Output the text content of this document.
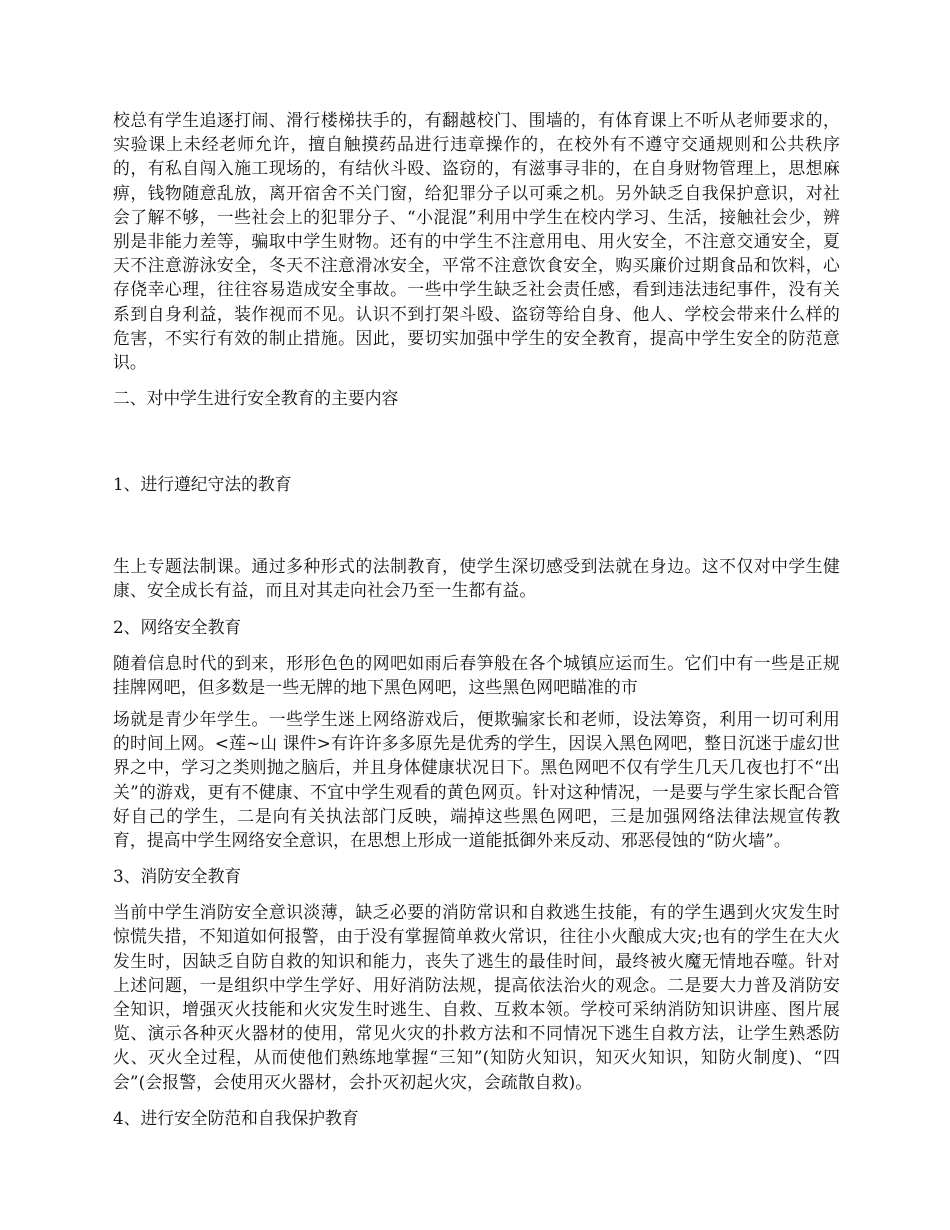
校总有学生追逐打闹、滑行楼梯扶手的，有翻越校门、围墙的，有体育课上不听从老师要求的，实验课上未经老师允许，擅自触摸药品进行违章操作的，在校外有不遵守交通规则和公共秩序的，有私自闯入施工现场的，有结伙斗殴、盗窃的，有滋事寻非的，在自身财物管理上，思想麻痹，钱物随意乱放，离开宿舍不关门窗，给犯罪分子以可乘之机。另外缺乏自我保护意识，对社会了解不够，一些社会上的犯罪分子、“小混混”利用中学生在校内学习、生活，接触社会少，辨别是非能力差等，骗取中学生财物。还有的中学生不注意用电、用火安全，不注意交通安全，夏天不注意游泳安全，冬天不注意滑冰安全，平常不注意饮食安全，购买廉价过期食品和饮料，心存侥幸心理，往往容易造成安全事故。一些中学生缺乏社会责任感，看到违法违纪事件，没有关系到自身利益，装作视而不见。认识不到打架斗殴、盗窃等给自身、他人、学校会带来什么样的危害，不实行有效的制止措施。因此，要切实加强中学生的安全教育，提高中学生安全的防范意识。

二、对中学生进行安全教育的主要内容

1、进行遵纪守法的教育

生上专题法制课。通过多种形式的法制教育，使学生深切感受到法就在身边。这不仅对中学生健康、安全成长有益，而且对其走向社会乃至一生都有益。

2、网络安全教育

随着信息时代的到来，形形色色的网吧如雨后春笋般在各个城镇应运而生。它们中有一些是正规挂牌网吧，但多数是一些无牌的地下黑色网吧，这些黑色网吧瞄准的市

场就是青少年学生。一些学生迷上网络游戏后，便欺骗家长和老师，设法筹资，利用一切可利用的时间上网。<莲~山 课件>有许许多多原先是优秀的学生，因误入黑色网吧，整日沉迷于虚幻世界之中，学习之类则抛之脑后，并且身体健康状况日下。黑色网吧不仅有学生几天几夜也打不“出关”的游戏，更有不健康、不宜中学生观看的黄色网页。针对这种情况，一是要与学生家长配合管好自己的学生，二是向有关执法部门反映，端掉这些黑色网吧，三是加强网络法律法规宣传教育，提高中学生网络安全意识，在思想上形成一道能抵御外来反动、邪恶侵蚀的“防火墙”。

3、消防安全教育

当前中学生消防安全意识淡薄，缺乏必要的消防常识和自救逃生技能，有的学生遇到火灾发生时惊慌失措，不知道如何报警，由于没有掌握简单救火常识，往往小火酿成大灾;也有的学生在大火发生时，因缺乏自防自救的知识和能力，丧失了逃生的最佳时间，最终被火魔无情地吞噬。针对上述问题，一是组织中学生学好、用好消防法规，提高依法治火的观念。二是要大力普及消防安全知识，增强灭火技能和火灾发生时逃生、自救、互救本领。学校可采纳消防知识讲座、图片展览、演示各种灭火器材的使用，常见火灾的扑救方法和不同情况下逃生自救方法，让学生熟悉防火、灭火全过程，从而使他们熟练地掌握“三知”(知防火知识，知灭火知识，知防火制度)、“四会”(会报警，会使用灭火器材，会扑灭初起火灾，会疏散自救)。

4、进行安全防范和自我保护教育
